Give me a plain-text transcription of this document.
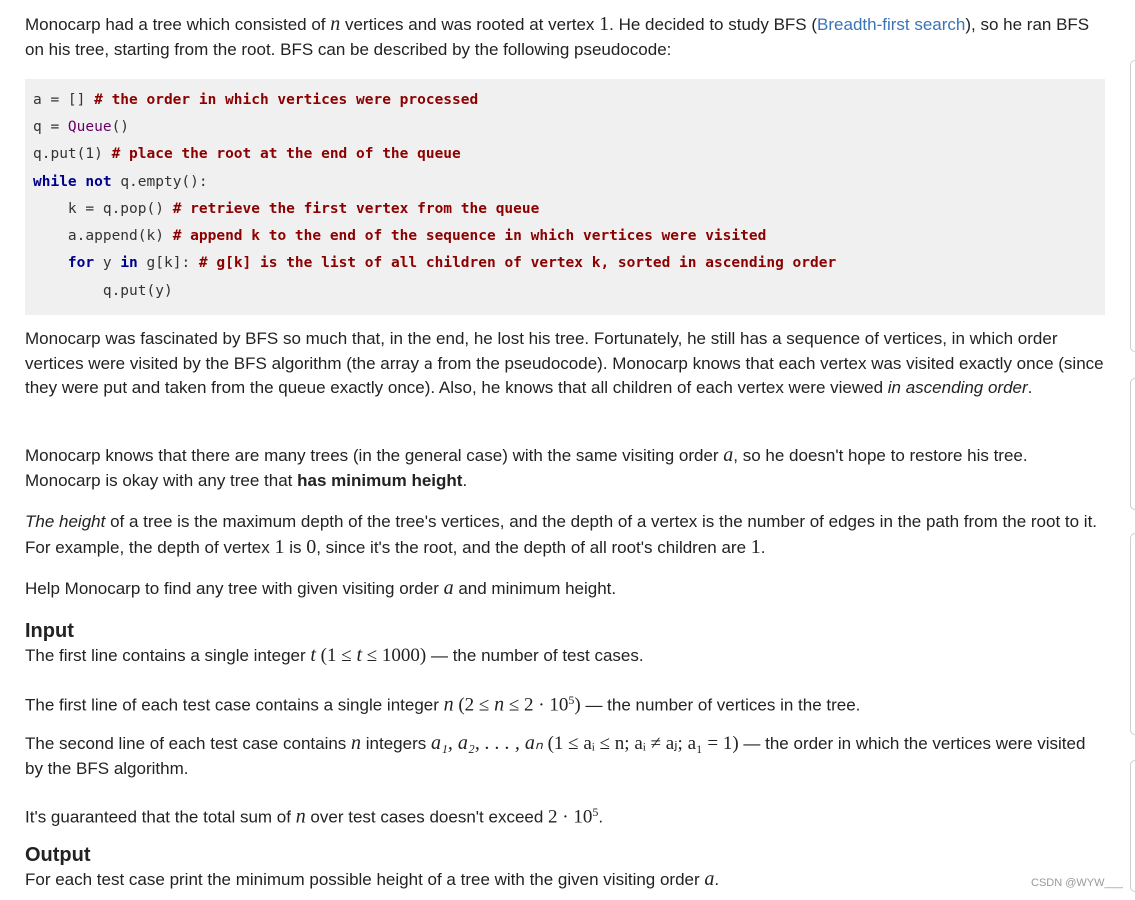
Monocarp had a tree which consisted of n vertices and was rooted at vertex 1. He decided to study BFS (Breadth-first search), so he ran BFS on his tree, starting from the root. BFS can be described by the following pseudocode:

a = [] # the order in which vertices were processed
q = Queue()
q.put(1) # place the root at the end of the queue
while not q.empty():
k = q.pop() # retrieve the first vertex from the queue
a.append(k) # append k to the end of the sequence in which vertices were visited
for y in g[k]: # g[k] is the list of all children of vertex k, sorted in ascending order
q.put(y)

Monocarp was fascinated by BFS so much that, in the end, he lost his tree. Fortunately, he still has a sequence of vertices, in which order vertices were visited by the BFS algorithm (the array a from the pseudocode). Monocarp knows that each vertex was visited exactly once (since they were put and taken from the queue exactly once). Also, he knows that all children of each vertex were viewed in ascending order.

Monocarp knows that there are many trees (in the general case) with the same visiting order a, so he doesn't hope to restore his tree. Monocarp is okay with any tree that has minimum height.

The height of a tree is the maximum depth of the tree's vertices, and the depth of a vertex is the number of edges in the path from the root to it. For example, the depth of vertex 1 is 0, since it's the root, and the depth of all root's children are 1.

Help Monocarp to find any tree with given visiting order a and minimum height.

Input

The first line contains a single integer t (1 ≤ t ≤ 1000) — the number of test cases.

The first line of each test case contains a single integer n $(2 \le n \le 2 \cdot 10^5)$ — the number of vertices in the tree.

The second line of each test case contains n integers a₁, a₂, . . . , aₙ (1 ≤ aᵢ ≤ n; aᵢ ≠ aⱼ; a₁ = 1) — the order in which the vertices were visited by the BFS algorithm.

It's guaranteed that the total sum of n over test cases doesn't exceed $2 \cdot 10^5$.

Output

For each test case print the minimum possible height of a tree with the given visiting order a.	CSDN @WYW___
